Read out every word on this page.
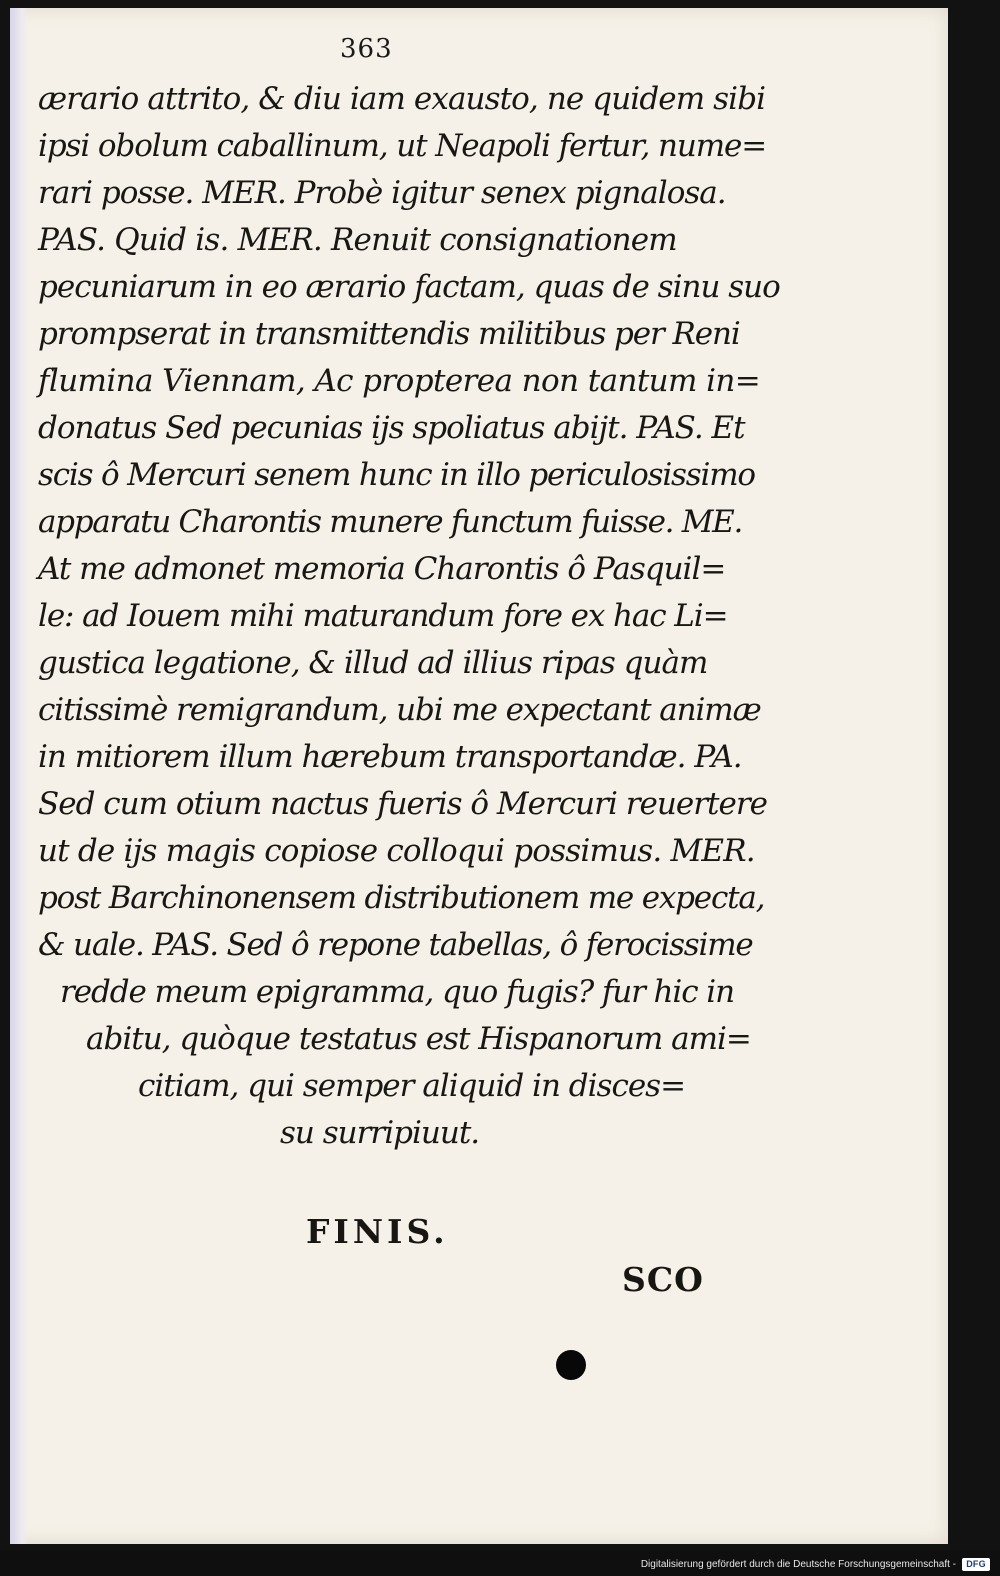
363
ærario attrito, & diu iam exausto, ne quidem sibi
ipsi obolum caballinum, ut Neapoli fertur, nume=
rari posse. MER. Probè igitur senex pignalosa.
PAS. Quid is. MER. Renuit consignationem
pecuniarum in eo ærario factam, quas de sinu suo
prompserat in transmittendis militibus per Reni
flumina Viennam, Ac propterea non tantum in=
donatus Sed pecunias ijs spoliatus abijt. PAS. Et
scis ô Mercuri senem hunc in illo periculosissimo
apparatu Charontis munere functum fuisse. ME.
At me admonet memoria Charontis ô Pasquil=
le: ad Iouem mihi maturandum fore ex hac Li=
gustica legatione, & illud ad illius ripas quàm
citissimè remigrandum, ubi me expectant animæ
in mitiorem illum hærebum transportandæ. PA.
Sed cum otium nactus fueris ô Mercuri reuertere
ut de ijs magis copiose colloqui possimus. MER.
post Barchinonensem distributionem me expecta,
& uale. PAS. Sed ô repone tabellas, ô ferocissime
redde meum epigramma, quo fugis? fur hic in
abitu, quòque testatus est Hispanorum ami=
citiam, qui semper aliquid in disces=
su surripiuut.
FINIS.
SCO
Digitalisierung gefördert durch die Deutsche Forschungsgemeinschaft -	DFG
